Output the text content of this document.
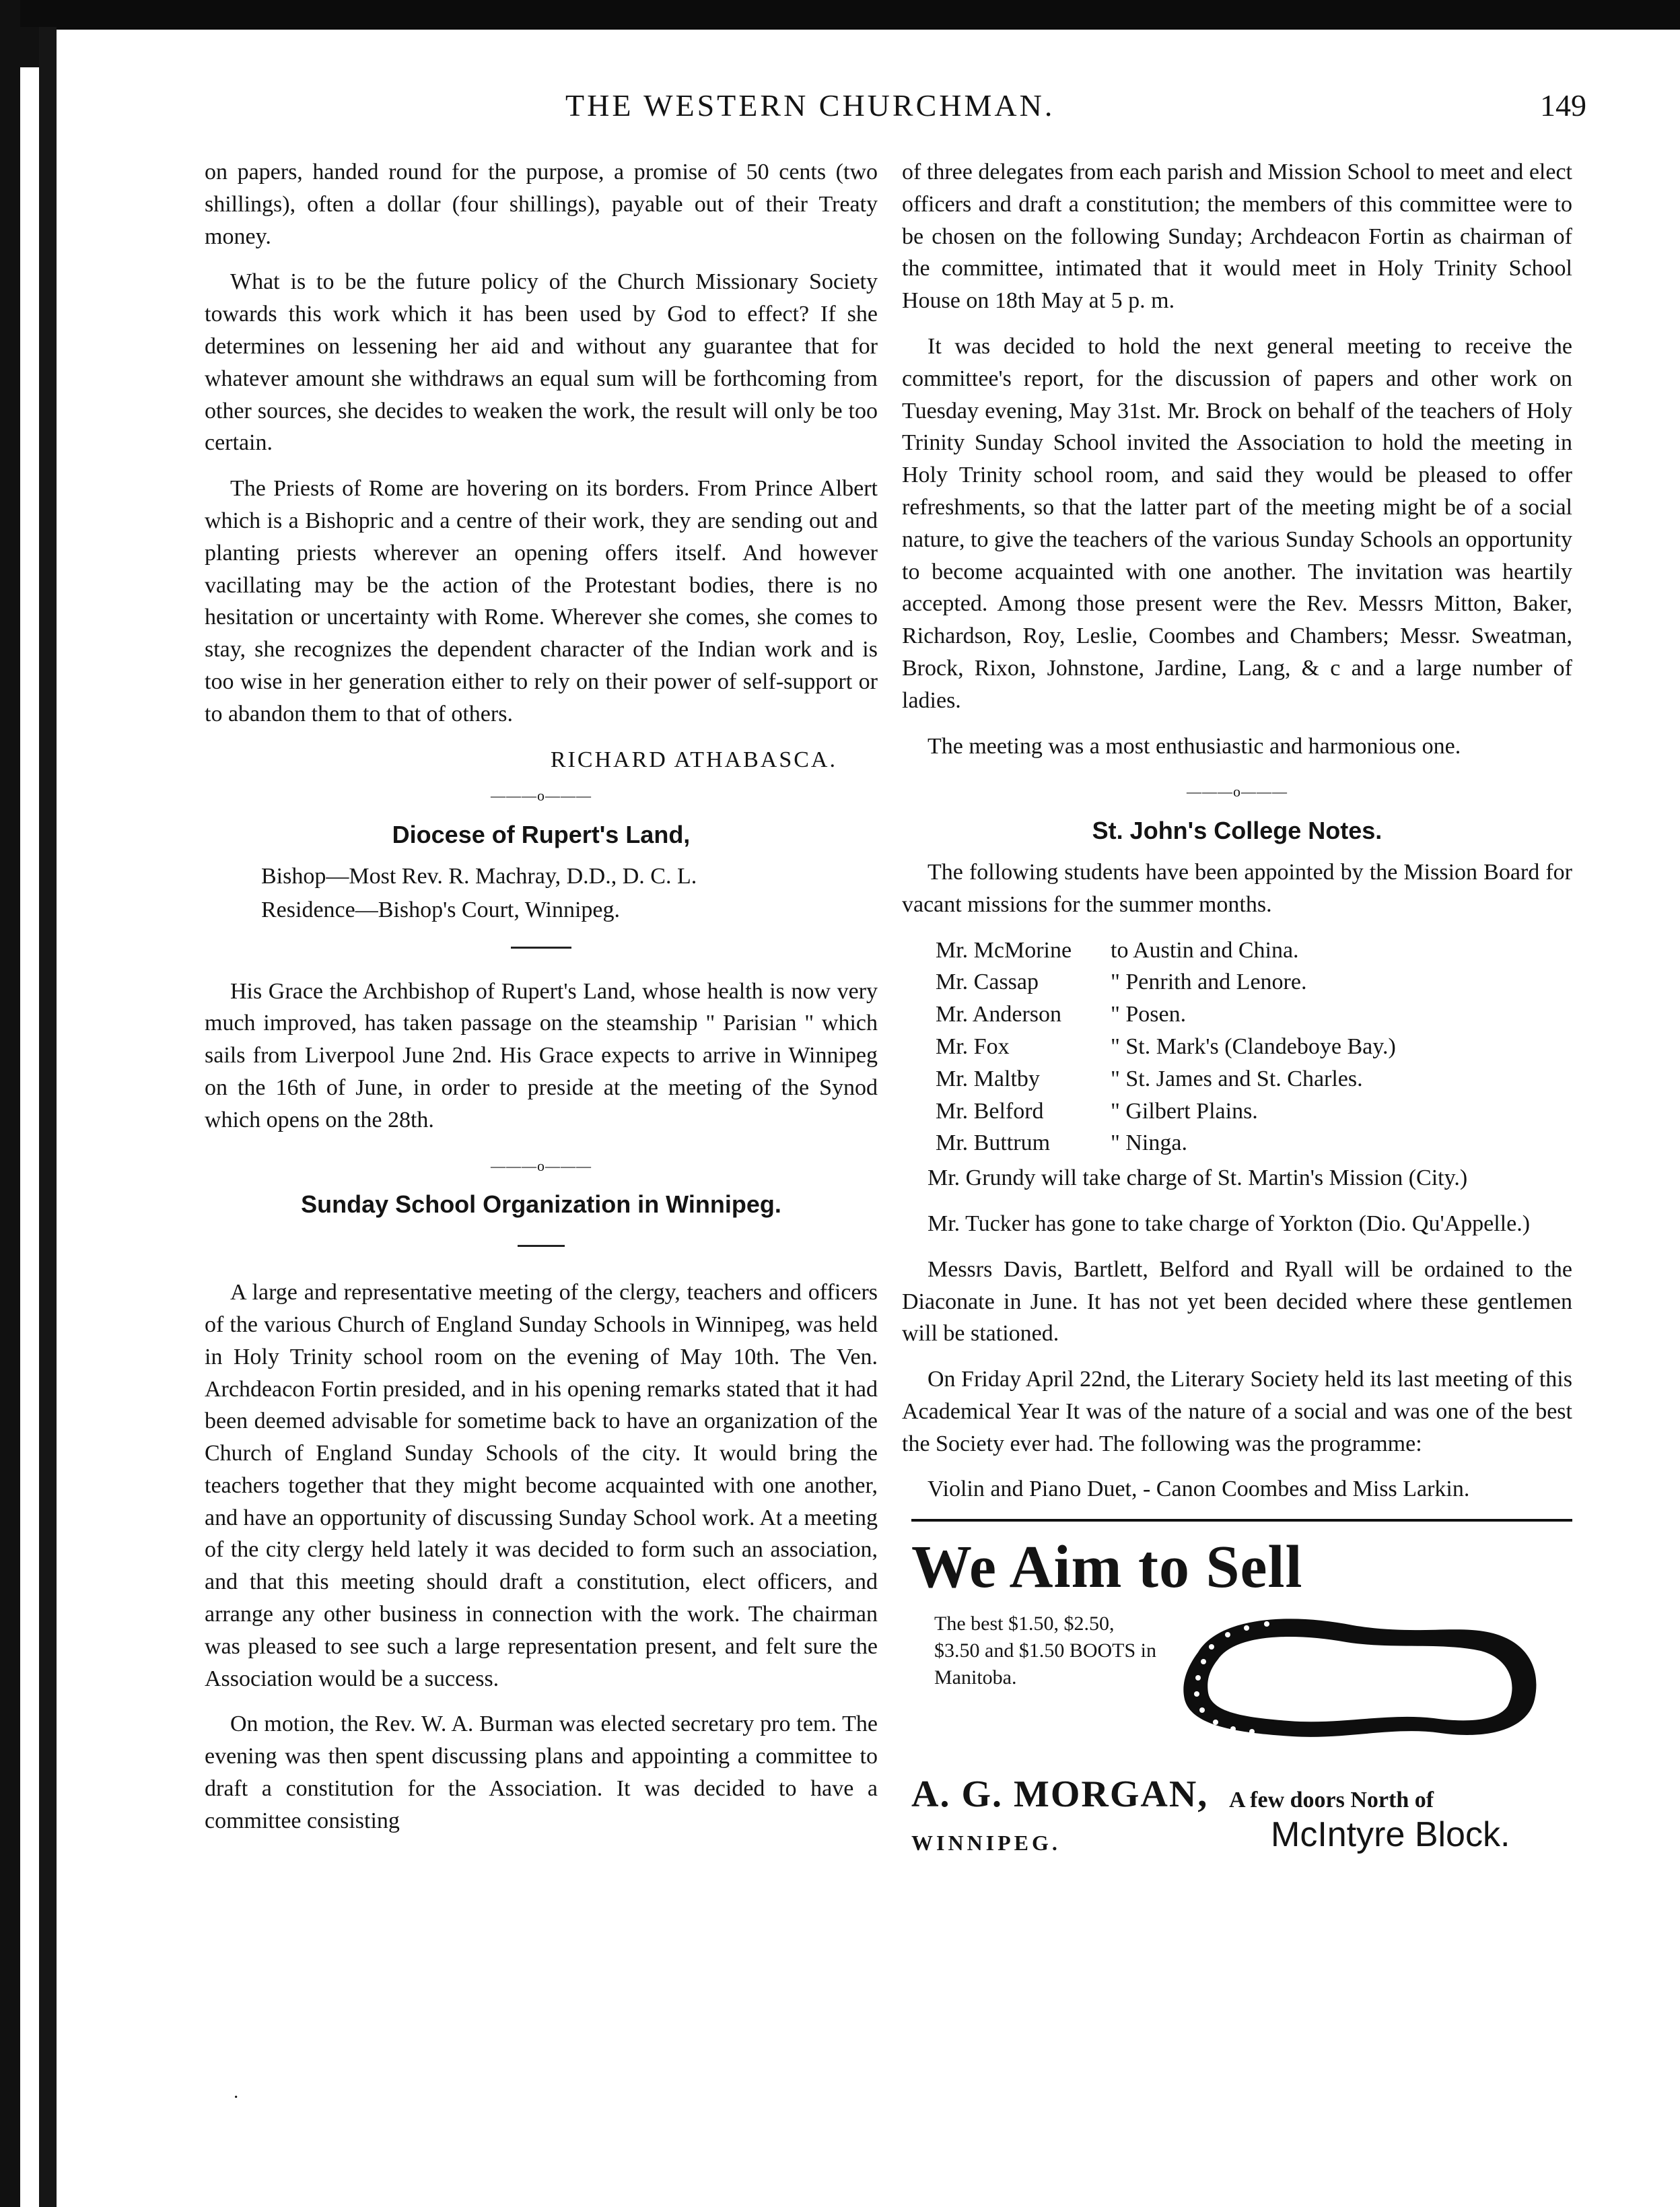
THE WESTERN CHURCHMAN.	149

on papers, handed round for the purpose, a promise of 50 cents (two shillings), often a dollar (four shillings), payable out of their Treaty money.

What is to be the future policy of the Church Missionary Society towards this work which it has been used by God to effect? If she determines on lessening her aid and without any guarantee that for whatever amount she withdraws an equal sum will be forthcoming from other sources, she decides to weaken the work, the result will only be too certain.

The Priests of Rome are hovering on its borders. From Prince Albert which is a Bishopric and a centre of their work, they are sending out and planting priests wherever an opening offers itself. And however vacillating may be the action of the Protestant bodies, there is no hesitation or uncertainty with Rome. Wherever she comes, she comes to stay, she recognizes the dependent character of the Indian work and is too wise in her generation either to rely on their power of self-support or to abandon them to that of others.

RICHARD ATHABASCA.
———o———
Diocese of Rupert's Land,
Bishop—Most Rev. R. Machray, D.D., D. C. L.
Residence—Bishop's Court, Winnipeg.

His Grace the Archbishop of Rupert's Land, whose health is now very much improved, has taken passage on the steamship " Parisian " which sails from Liverpool June 2nd. His Grace expects to arrive in Winnipeg on the 16th of June, in order to preside at the meeting of the Synod which opens on the 28th.

———o———
Sunday School Organization in Winnipeg.

A large and representative meeting of the clergy, teachers and officers of the various Church of England Sunday Schools in Winnipeg, was held in Holy Trinity school room on the evening of May 10th. The Ven. Archdeacon Fortin presided, and in his opening remarks stated that it had been deemed advisable for sometime back to have an organization of the Church of England Sunday Schools of the city. It would bring the teachers together that they might become acquainted with one another, and have an opportunity of discussing Sunday School work. At a meeting of the city clergy held lately it was decided to form such an association, and that this meeting should draft a constitution, elect officers, and arrange any other business in connection with the work. The chairman was pleased to see such a large representation present, and felt sure the Association would be a success.

On motion, the Rev. W. A. Burman was elected secretary pro tem. The evening was then spent discussing plans and appointing a committee to draft a constitution for the Association. It was decided to have a committee consisting

of three delegates from each parish and Mission School to meet and elect officers and draft a constitution; the members of this committee were to be chosen on the following Sunday; Archdeacon Fortin as chairman of the committee, intimated that it would meet in Holy Trinity School House on 18th May at 5 p. m.

It was decided to hold the next general meeting to receive the committee's report, for the discussion of papers and other work on Tuesday evening, May 31st. Mr. Brock on behalf of the teachers of Holy Trinity Sunday School invited the Association to hold the meeting in Holy Trinity school room, and said they would be pleased to offer refreshments, so that the latter part of the meeting might be of a social nature, to give the teachers of the various Sunday Schools an opportunity to become acquainted with one another. The invitation was heartily accepted. Among those present were the Rev. Messrs Mitton, Baker, Richardson, Roy, Leslie, Coombes and Chambers; Messr. Sweatman, Brock, Rixon, Johnstone, Jardine, Lang, & c and a large number of ladies.

The meeting was a most enthusiastic and harmonious one.

———o———
St. John's College Notes.

The following students have been appointed by the Mission Board for vacant missions for the summer months.

Mr. McMorine	to Austin and China.
Mr. Cassap	" Penrith and Lenore.
Mr. Anderson	" Posen.
Mr. Fox	" St. Mark's (Clandeboye Bay.)
Mr. Maltby	" St. James and St. Charles.
Mr. Belford	" Gilbert Plains.
Mr. Buttrum	" Ninga.

Mr. Grundy will take charge of St. Martin's Mission (City.)

Mr. Tucker has gone to take charge of Yorkton (Dio. Qu'Appelle.)

Messrs Davis, Bartlett, Belford and Ryall will be ordained to the Diaconate in June. It has not yet been decided where these gentlemen will be stationed.

On Friday April 22nd, the Literary Society held its last meeting of this Academical Year It was of the nature of a social and was one of the best the Society ever had. The following was the programme:

Violin and Piano Duet, - Canon Coombes and Miss Larkin.

We Aim to Sell
The best $1.50, $2.50, $3.50 and $1.50 BOOTS in Manitoba.
A. G. MORGAN,
WINNIPEG.
A few doors North of
McIntyre Block.
·
